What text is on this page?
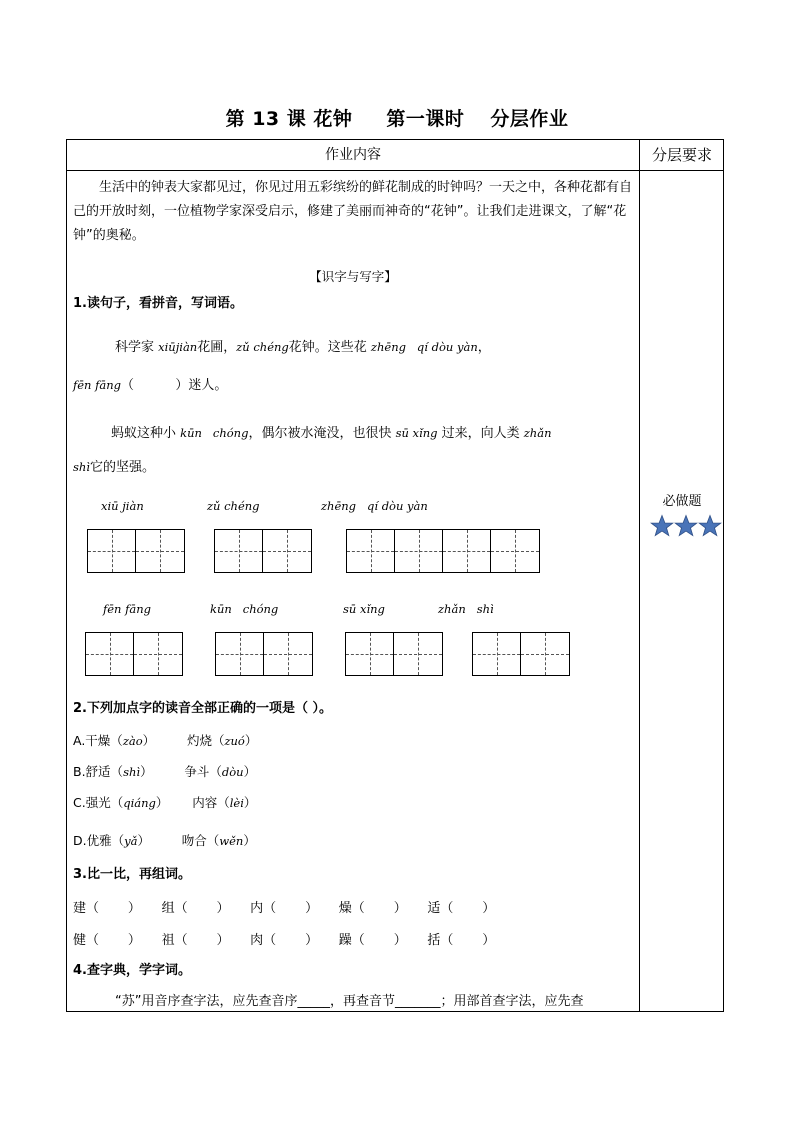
第 13 课 花钟 第一课时 分层作业
作业内容	分层要求
生活中的钟表大家都见过，你见过用五彩缤纷的鲜花制成的时钟吗？一天之中，各种花都有自己的开放时刻，一位植物学家深受启示，修建了美丽而神奇的“花钟”。让我们走进课文，了解“花钟”的奥秘。
【识字与写字】
1.读句子，看拼音，写词语。
科学家 xiūjiàn花圃，zǔ chéng花钟。这些花 zhēng   qí dòu yàn，
fēn fāng（          ）迷人。
蚂蚁这种小 kūn   chóng，偶尔被水淹没，也很快 sū xǐng 过来，向人类 zhǎn
shì它的坚强。
xiū jiàn	zǔ chéng	zhēng   qí dòu yàn
fēn fāng	kūn   chóng	sū xǐng	zhǎn   shì
2.下列加点字的读音全部正确的一项是（ ）。
A.干燥（zào）        灼烧（zuó）
B.舒适（shì）        争斗（dòu）
C.强光（qiáng）      内容（lèi）
D.优雅（yǎ）        吻合（wěn）
3.比一比，再组词。
建（       ）     组（       ）     内（       ）     燥（       ）     适（       ）
健（       ）     祖（       ）     肉（       ）     躁（       ）     括（       ）
4.查字典，学字词。
“苏”用音序查字法，应先查音序_____，再查音节_______；用部首查字法，应先查
必做题
